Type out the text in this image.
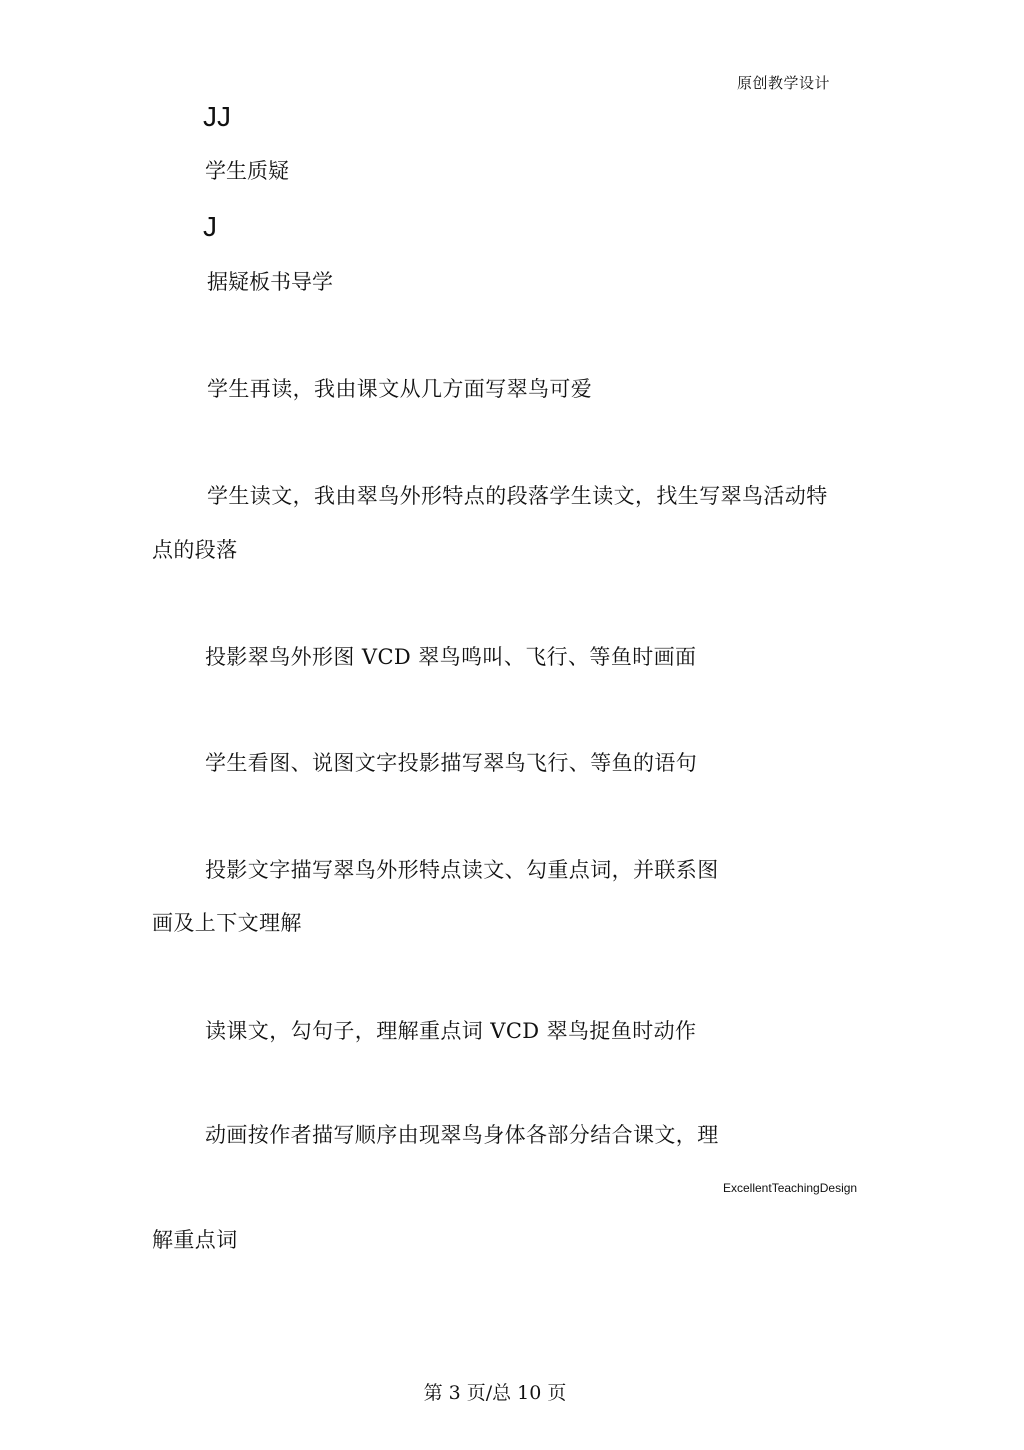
原创教学设计
JJ
学生质疑
J
据疑板书导学
学生再读，我由课文从几方面写翠鸟可爱
学生读文，我由翠鸟外形特点的段落学生读文，找生写翠鸟活动特
点的段落
投影翠鸟外形图 VCD 翠鸟鸣叫、飞行、等鱼时画面
学生看图、说图文字投影描写翠鸟飞行、等鱼的语句
投影文字描写翠鸟外形特点读文、勾重点词，并联系图
画及上下文理解
读课文，勾句子，理解重点词 VCD 翠鸟捉鱼时动作
动画按作者描写顺序由现翠鸟身体各部分结合课文，理
ExcellentTeachingDesign
解重点词
第 3 页/总 10 页
